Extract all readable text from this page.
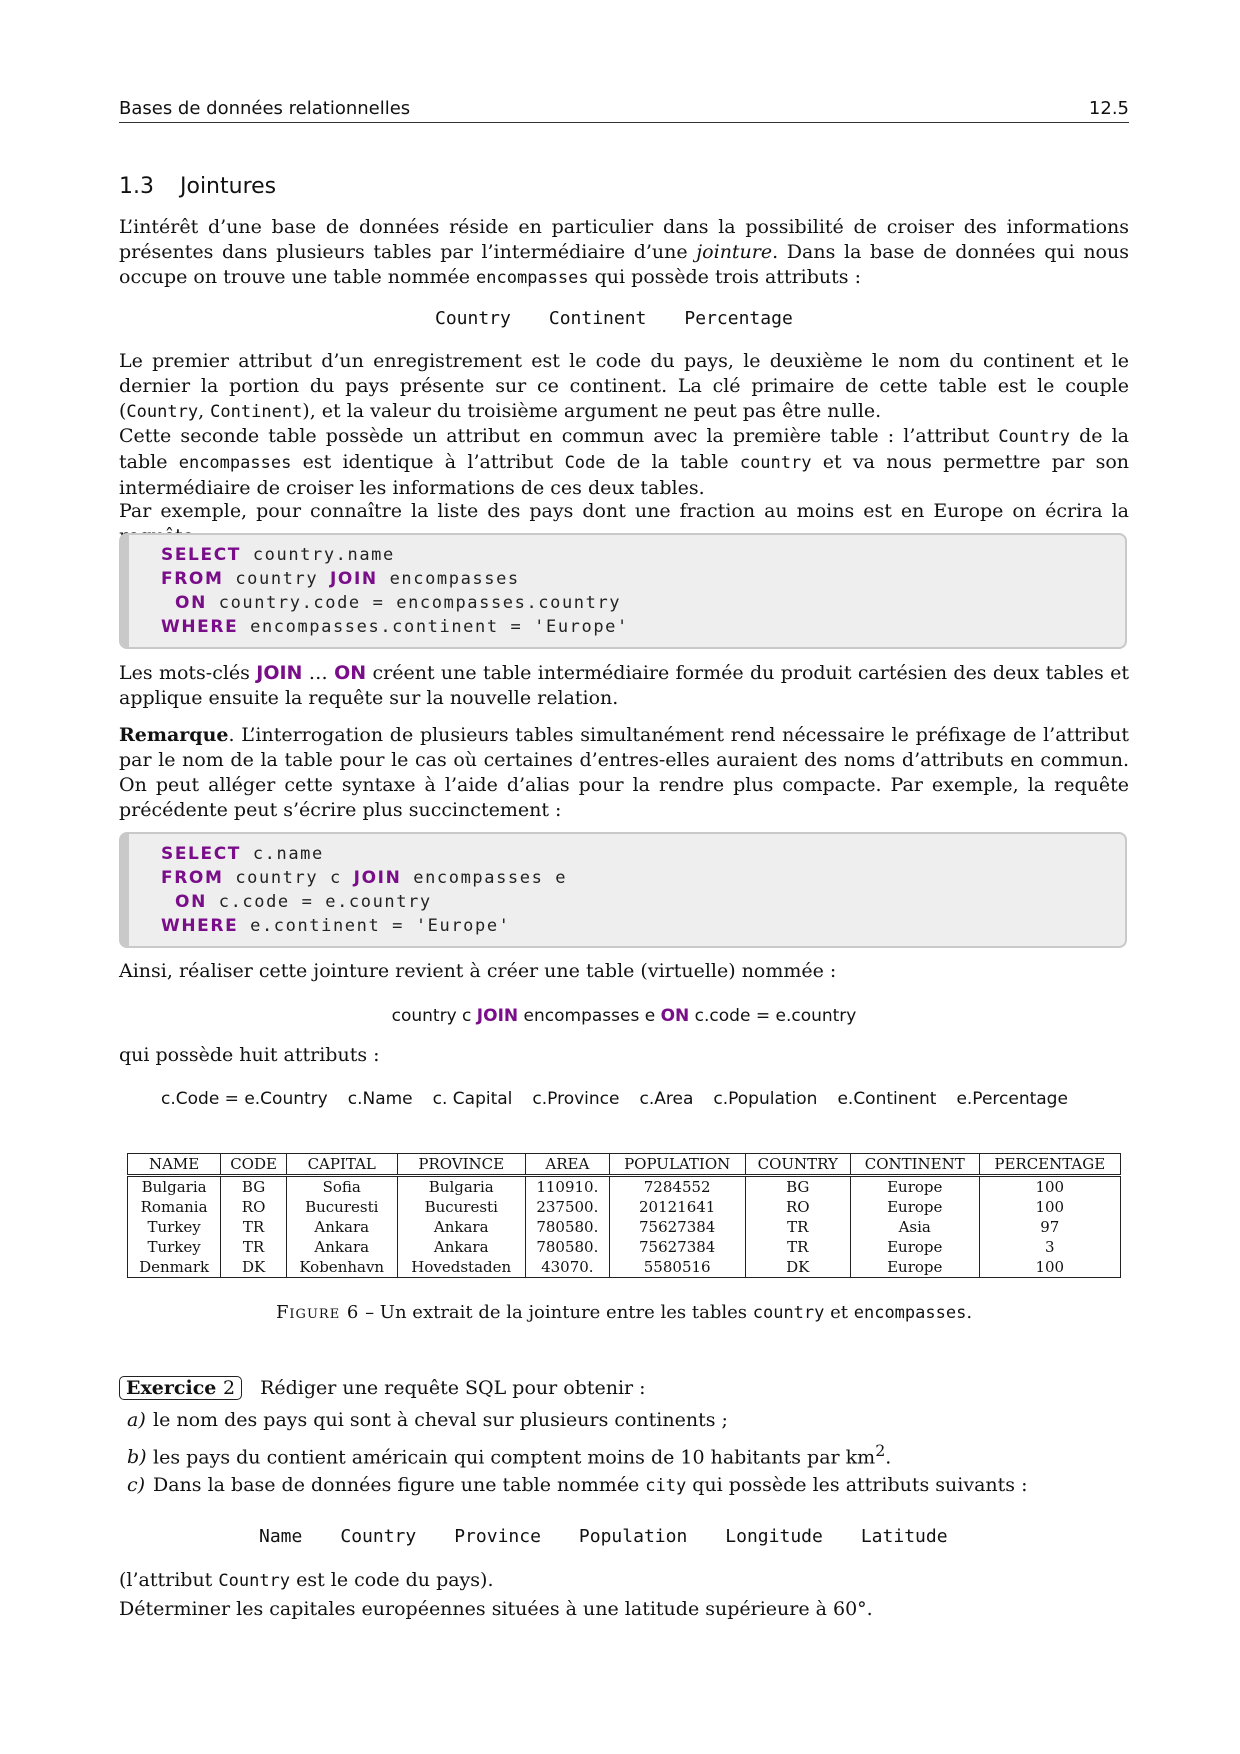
Bases de données relationnelles	12.5
1.3 Jointures
L’intérêt d’une base de données réside en particulier dans la possibilité de croiser des informations présentes dans plusieurs tables par l’intermédiaire d’une jointure. Dans la base de données qui nous occupe on trouve une table nommée encompasses qui possède trois attributs :
Country Continent Percentage
Le premier attribut d’un enregistrement est le code du pays, le deuxième le nom du continent et le dernier la portion du pays présente sur ce continent. La clé primaire de cette table est le couple (Country, Continent), et la valeur du troisième argument ne peut pas être nulle.
Cette seconde table possède un attribut en commun avec la première table : l’attribut Country de la table encompasses est identique à l’attribut Code de la table country et va nous permettre par son intermédiaire de croiser les informations de ces deux tables.
Par exemple, pour connaître la liste des pays dont une fraction au moins est en Europe on écrira la
SELECT country.name
FROM country JOIN encompasses
ON country.code = encompasses.country
WHERE encompasses.continent = 'Europe'
Les mots-clés JOIN … ON créent une table intermédiaire formée du produit cartésien des deux tables et applique ensuite la requête sur la nouvelle relation.
Remarque. L’interrogation de plusieurs tables simultanément rend nécessaire le préfixage de l’attribut par le nom de la table pour le cas où certaines d’entres-elles auraient des noms d’attributs en commun. On peut alléger cette syntaxe à l’aide d’alias pour la rendre plus compacte. Par exemple, la requête précédente peut s’écrire plus succinctement :
SELECT c.name
FROM country c JOIN encompasses e
ON c.code = e.country
WHERE e.continent = 'Europe'
Ainsi, réaliser cette jointure revient à créer une table (virtuelle) nommée :
country c JOIN encompasses e ON c.code = e.country
qui possède huit attributs :
c.Code = e.Country c.Name c. Capital c.Province c.Area c.Population e.Continent e.Percentage
NAME	CODE	CAPITAL	PROVINCE	AREA	POPULATION	COUNTRY	CONTINENT	PERCENTAGE
Bulgaria	BG	Sofia	Bulgaria	110910.	7284552	BG	Europe	100
Romania	RO	Bucuresti	Bucuresti	237500.	20121641	RO	Europe	100
Turkey	TR	Ankara	Ankara	780580.	75627384	TR	Asia	97
Turkey	TR	Ankara	Ankara	780580.	75627384	TR	Europe	3
Denmark	DK	Kobenhavn	Hovedstaden	43070.	5580516	DK	Europe	100
Figure 6 – Un extrait de la jointure entre les tables country et encompasses.
Exercice 2 Rédiger une requête SQL pour obtenir :
a) le nom des pays qui sont à cheval sur plusieurs continents ;
b) les pays du contient américain qui comptent moins de 10 habitants par $km^2$.
c) Dans la base de données figure une table nommée city qui possède les attributs suivants :
Name Country Province Population Longitude Latitude
(l’attribut Country est le code du pays).
Déterminer les capitales européennes situées à une latitude supérieure à 60°.
